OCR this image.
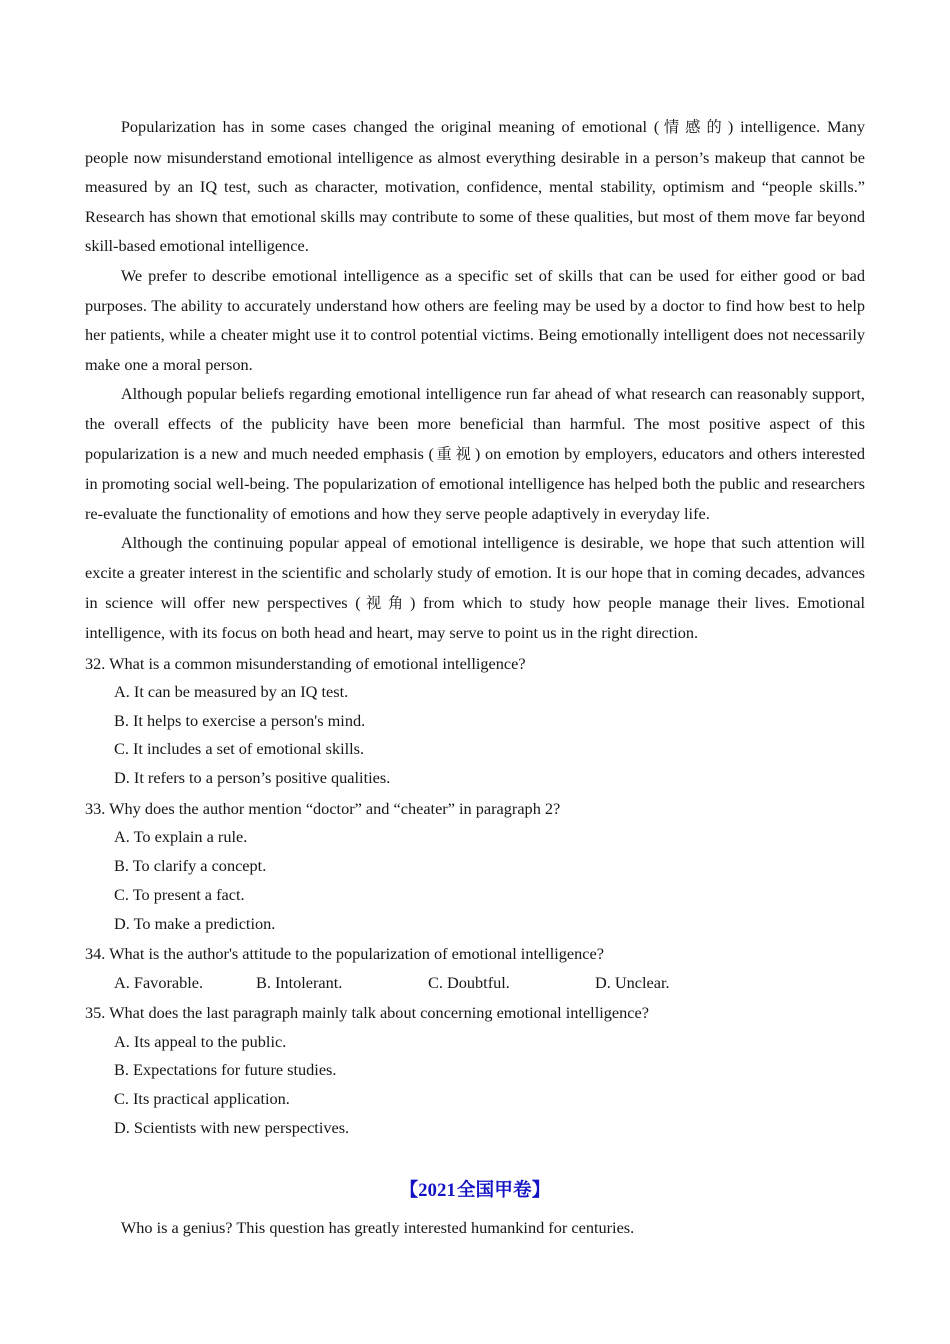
Popularization has in some cases changed the original meaning of emotional ( 情感的) intelligence. Many people now misunderstand emotional intelligence as almost everything desirable in a person’s makeup that cannot be measured by an IQ test, such as character, motivation, confidence, mental stability, optimism and “people skills.” Research has shown that emotional skills may contribute to some of these qualities, but most of them move far beyond skill-based emotional intelligence.

We prefer to describe emotional intelligence as a specific set of skills that can be used for either good or bad purposes. The ability to accurately understand how others are feeling may be used by a doctor to find how best to help her patients, while a cheater might use it to control potential victims. Being emotionally intelligent does not necessarily make one a moral person.

Although popular beliefs regarding emotional intelligence run far ahead of what research can reasonably support, the overall effects of the publicity have been more beneficial than harmful. The most positive aspect of this popularization is a new and much needed emphasis ( 重视) on emotion by employers, educators and others interested in promoting social well-being. The popularization of emotional intelligence has helped both the public and researchers re-evaluate the functionality of emotions and how they serve people adaptively in everyday life.

Although the continuing popular appeal of emotional intelligence is desirable, we hope that such attention will excite a greater interest in the scientific and scholarly study of emotion. It is our hope that in coming decades, advances in science will offer new perspectives ( 视角) from which to study how people manage their lives. Emotional intelligence, with its focus on both head and heart, may serve to point us in the right direction.

32. What is a common misunderstanding of emotional intelligence?

A. It can be measured by an IQ test.
B. It helps to exercise a person's mind.
C. It includes a set of emotional skills.
D. It refers to a person’s positive qualities.

33. Why does the author mention “doctor” and “cheater” in paragraph 2?

A. To explain a rule.
B. To clarify a concept.
C. To present a fact.
D. To make a prediction.

34. What is the author's attitude to the popularization of emotional intelligence?

A. Favorable.	B. Intolerant.	C. Doubtful.	D. Unclear.

35. What does the last paragraph mainly talk about concerning emotional intelligence?

A. Its appeal to the public.
B. Expectations for future studies.
C. Its practical application.
D. Scientists with new perspectives.

【2021全国甲卷】

Who is a genius? This question has greatly interested humankind for centuries.
